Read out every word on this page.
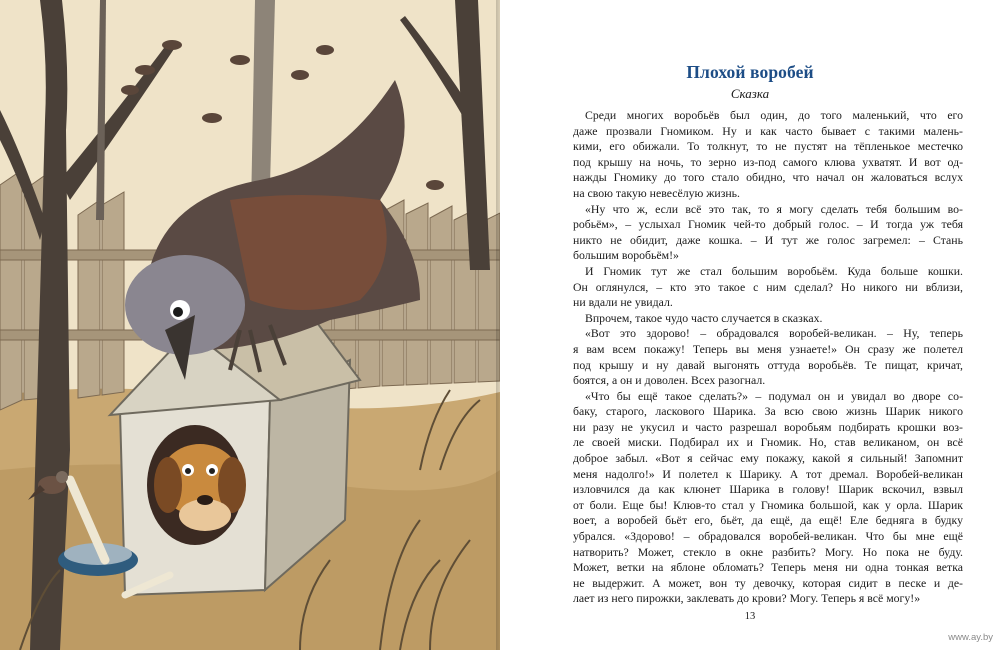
Плохой воробей
Сказка
Среди многих воробьёв был один, до того маленький, что его
даже прозвали Гномиком. Ну и как часто бывает с такими малень-
кими, его обижали. То толкнут, то не пустят на тёпленькое местечко
под крышу на ночь, то зерно из-под самого клюва ухватят. И вот од-
нажды Гномику до того стало обидно, что начал он жаловаться вслух
на свою такую невесёлую жизнь.
«Ну что ж, если всё это так, то я могу сделать тебя большим во-
робьём», – услыхал Гномик чей-то добрый голос. – И тогда уж тебя
никто не обидит, даже кошка. – И тут же голос загремел: – Стань
большим воробьём!»
И Гномик тут же стал большим воробьём. Куда больше кошки.
Он оглянулся, – кто это такое с ним сделал? Но никого ни вблизи,
ни вдали не увидал.
Впрочем, такое чудо часто случается в сказках.
«Вот это здорово! – обрадовался воробей-великан. – Ну, теперь
я вам всем покажу! Теперь вы меня узнаете!» Он сразу же полетел
под крышу и ну давай выгонять оттуда воробьёв. Те пищат, кричат,
боятся, а он и доволен. Всех разогнал.
«Что бы ещё такое сделать?» – подумал он и увидал во дворе со-
баку, старого, ласкового Шарика. За всю свою жизнь Шарик никого
ни разу не укусил и часто разрешал воробьям подбирать крошки воз-
ле своей миски. Подбирал их и Гномик. Но, став великаном, он всё
доброе забыл. «Вот я сейчас ему покажу, какой я сильный! Запомнит
меня надолго!» И полетел к Шарику. А тот дремал. Воробей-великан
изловчился да как клюнет Шарика в голову! Шарик вскочил, взвыл
от боли. Еще бы! Клюв-то стал у Гномика большой, как у орла. Шарик
воет, а воробей бьёт его, бьёт, да ещё, да ещё! Еле бедняга в будку
убрался. «Здорово! – обрадовался воробей-великан. Что бы мне ещё
натворить? Может, стекло в окне разбить? Могу. Но пока не буду.
Может, ветки на яблоне обломать? Теперь меня ни одна тонкая ветка
не выдержит. А может, вон ту девочку, которая сидит в песке и де-
лает из него пирожки, заклевать до крови? Могу. Теперь я всё могу!»
13
www.ay.by
